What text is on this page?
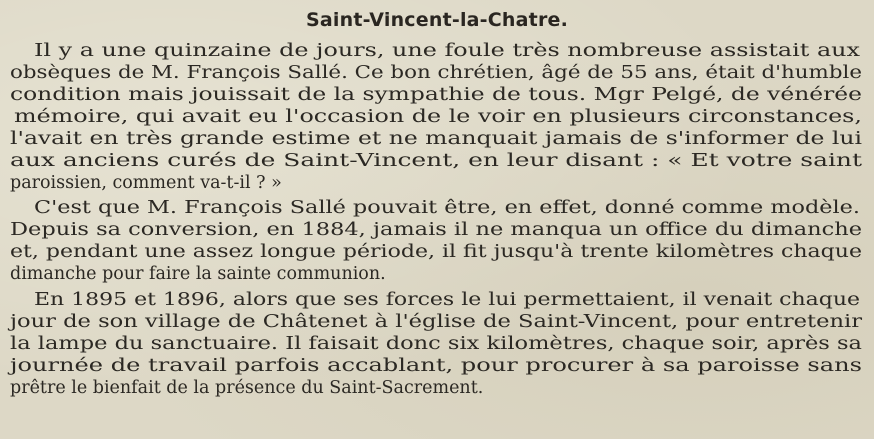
Saint-Vincent-la-Chatre.
Il y a une quinzaine de jours, une foule très nombreuse assistait aux
obsèques de M. François Sallé. Ce bon chrétien, âgé de 55 ans, était d'humble
condition mais jouissait de la sympathie de tous. Mgr Pelgé, de vénérée
mémoire, qui avait eu l'occasion de le voir en plusieurs circonstances,
l'avait en très grande estime et ne manquait jamais de s'informer de lui
aux anciens curés de Saint-Vincent, en leur disant : « Et votre saint
paroissien, comment va-t-il ? »
C'est que M. François Sallé pouvait être, en effet, donné comme modèle.
Depuis sa conversion, en 1884, jamais il ne manqua un office du dimanche
et, pendant une assez longue période, il fit jusqu'à trente kilomètres chaque
dimanche pour faire la sainte communion.
En 1895 et 1896, alors que ses forces le lui permettaient, il venait chaque
jour de son village de Châtenet à l'église de Saint-Vincent, pour entretenir
la lampe du sanctuaire. Il faisait donc six kilomètres, chaque soir, après sa
journée de travail parfois accablant, pour procurer à sa paroisse sans
prêtre le bienfait de la présence du Saint-Sacrement.
